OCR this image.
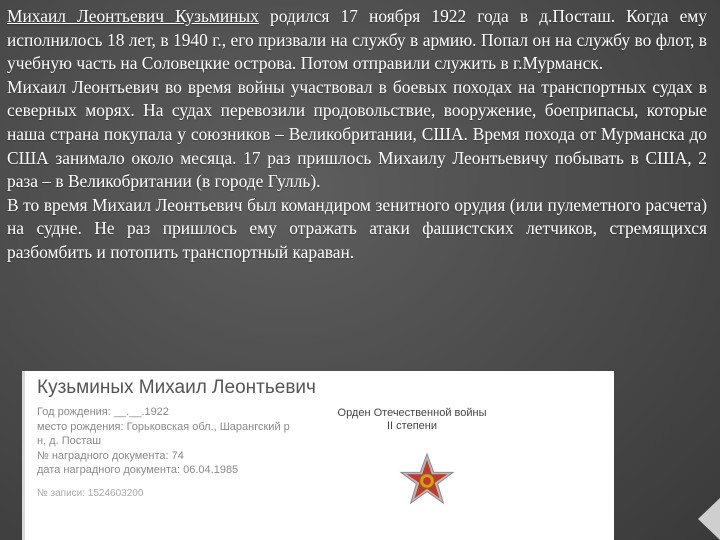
Михаил Леонтьевич Кузьминых родился 17 ноября 1922 года в д.Посташ. Когда ему исполнилось 18 лет, в 1940 г., его призвали на службу в армию. Попал он на службу во флот, в учебную часть на Соловецкие острова. Потом отправили служить в г.Мурманск.

Михаил Леонтьевич во время войны участвовал в боевых походах на транспортных судах в северных морях. На судах перевозили продовольствие, вооружение, боеприпасы, которые наша страна покупала у союзников – Великобритании, США. Время похода от Мурманска до США занимало около месяца. 17 раз пришлось Михаилу Леонтьевичу побывать в США, 2 раза – в Великобритании (в городе Гулль).

В то время Михаил Леонтьевич был командиром зенитного орудия (или пулеметного расчета) на судне. Не раз пришлось ему отражать атаки фашистских летчиков, стремящихся разбомбить и потопить транспортный караван.

Кузьминых Михаил Леонтьевич
Год рождения: __.__.1922
место рождения: Горьковская обл., Шарангский р
н, д. Посташ
№ наградного документа: 74
дата наградного документа: 06.04.1985
№ записи: 1524603200
Орден Отечественной войны II степени
